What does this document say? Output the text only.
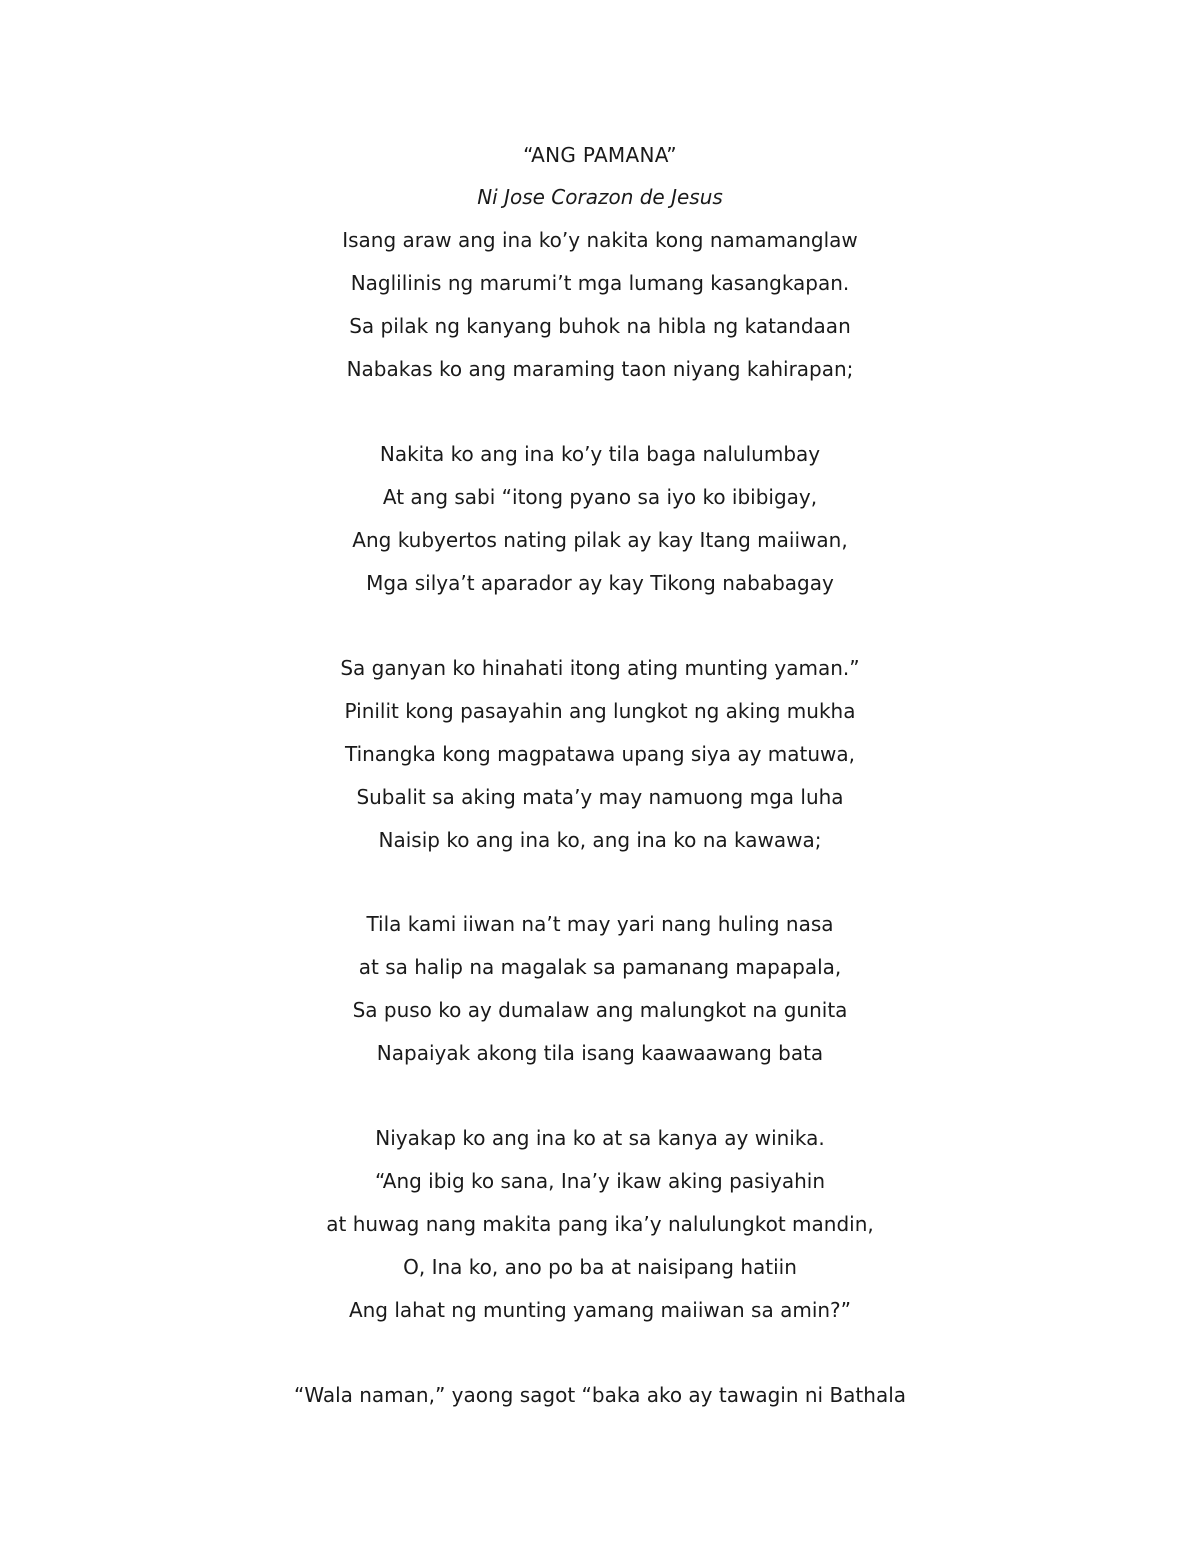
“ANG PAMANA”
Ni Jose Corazon de Jesus
Isang araw ang ina ko’y nakita kong namamanglaw
Naglilinis ng marumi’t mga lumang kasangkapan.
Sa pilak ng kanyang buhok na hibla ng katandaan
Nabakas ko ang maraming taon niyang kahirapan;
Nakita ko ang ina ko’y tila baga nalulumbay
At ang sabi “itong pyano sa iyo ko ibibigay,
Ang kubyertos nating pilak ay kay Itang maiiwan,
Mga silya’t aparador ay kay Tikong nababagay
Sa ganyan ko hinahati itong ating munting yaman.”
Pinilit kong pasayahin ang lungkot ng aking mukha
Tinangka kong magpatawa upang siya ay matuwa,
Subalit sa aking mata’y may namuong mga luha
Naisip ko ang ina ko, ang ina ko na kawawa;
Tila kami iiwan na’t may yari nang huling nasa
at sa halip na magalak sa pamanang mapapala,
Sa puso ko ay dumalaw ang malungkot na gunita
Napaiyak akong tila isang kaawaawang bata
Niyakap ko ang ina ko at sa kanya ay winika.
“Ang ibig ko sana, Ina’y ikaw aking pasiyahin
at huwag nang makita pang ika’y nalulungkot mandin,
O, Ina ko, ano po ba at naisipang hatiin
Ang lahat ng munting yamang maiiwan sa amin?”
“Wala naman,” yaong sagot “baka ako ay tawagin ni Bathala
